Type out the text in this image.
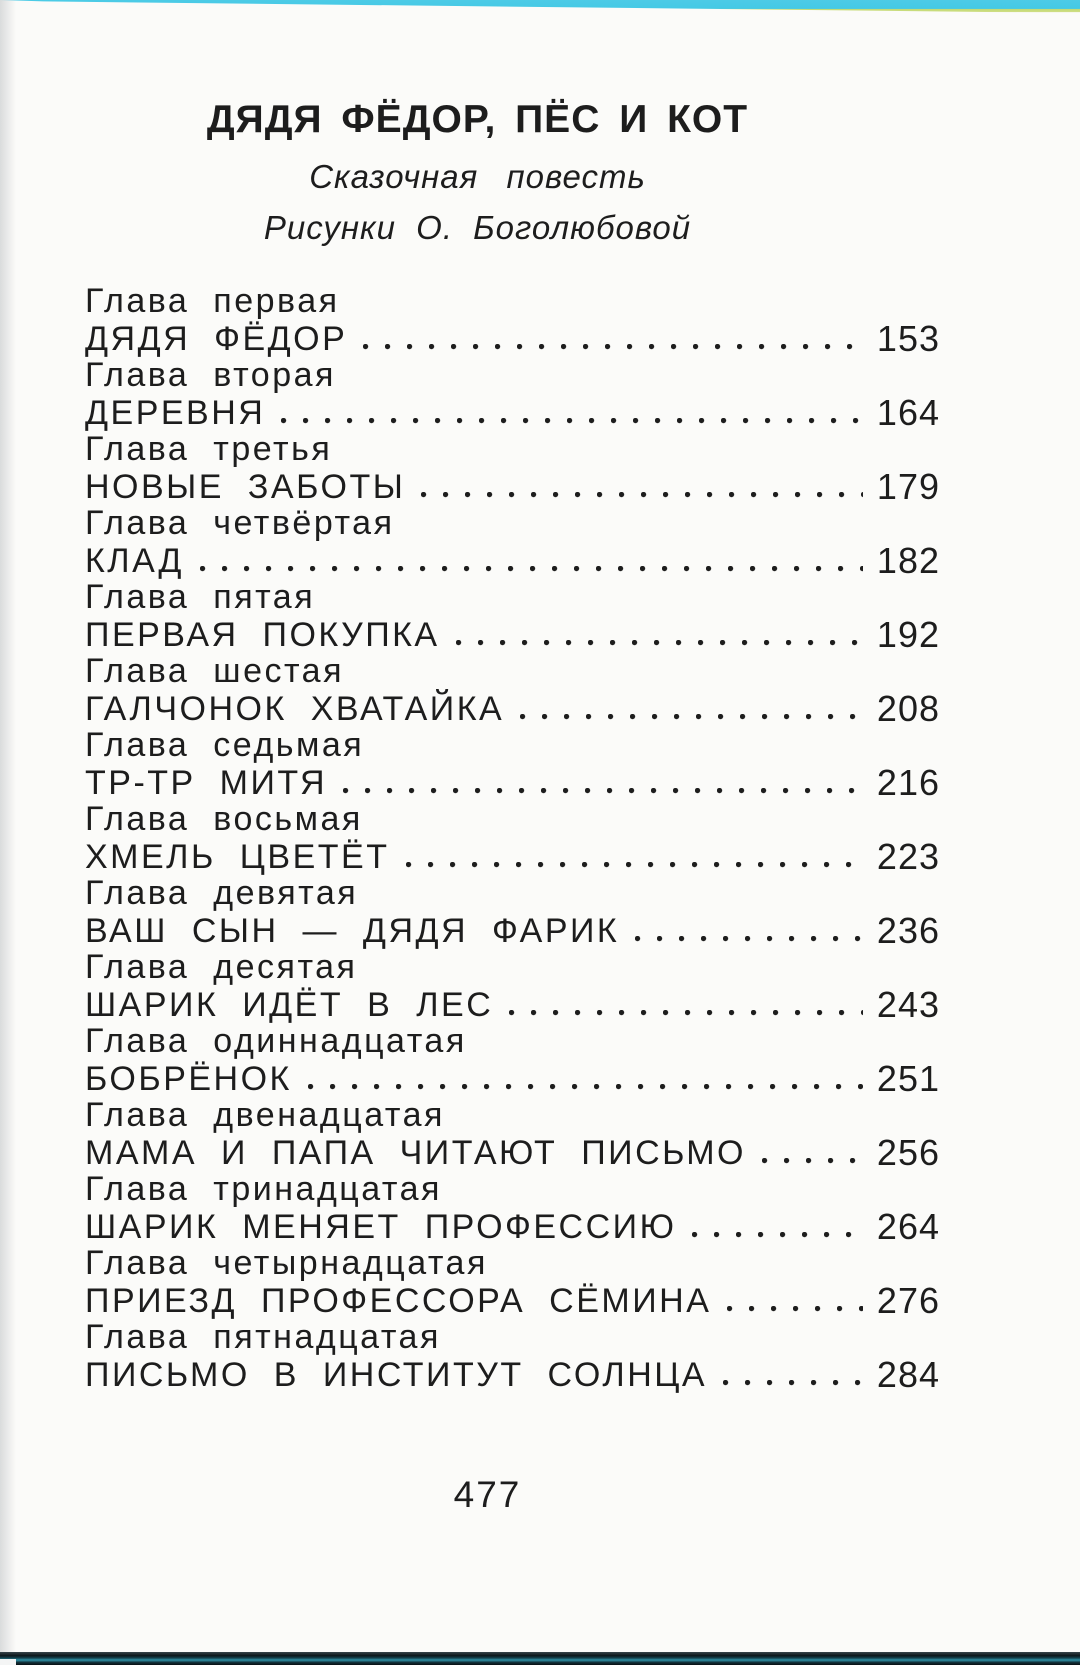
ДЯДЯ ФЁДОР, ПЁС И КОТ
Сказочная повесть
Рисунки О. Боголюбовой
Глава первая
ДЯДЯ ФЁДОР	153
Глава вторая
ДЕРЕВНЯ	164
Глава третья
НОВЫЕ ЗАБОТЫ	179
Глава четвёртая
КЛАД	182
Глава пятая
ПЕРВАЯ ПОКУПКА	192
Глава шестая
ГАЛЧОНОК ХВАТАЙКА	208
Глава седьмая
ТР-ТР МИТЯ	216
Глава восьмая
ХМЕЛЬ ЦВЕТЁТ	223
Глава девятая
ВАШ СЫН — ДЯДЯ ФАРИК	236
Глава десятая
ШАРИК ИДЁТ В ЛЕС	243
Глава одиннадцатая
БОБРЁНОК	251
Глава двенадцатая
МАМА И ПАПА ЧИТАЮТ ПИСЬМО	256
Глава тринадцатая
ШАРИК МЕНЯЕТ ПРОФЕССИЮ	264
Глава четырнадцатая
ПРИЕЗД ПРОФЕССОРА СЁМИНА	276
Глава пятнадцатая
ПИСЬМО В ИНСТИТУТ СОЛНЦА	284
477
